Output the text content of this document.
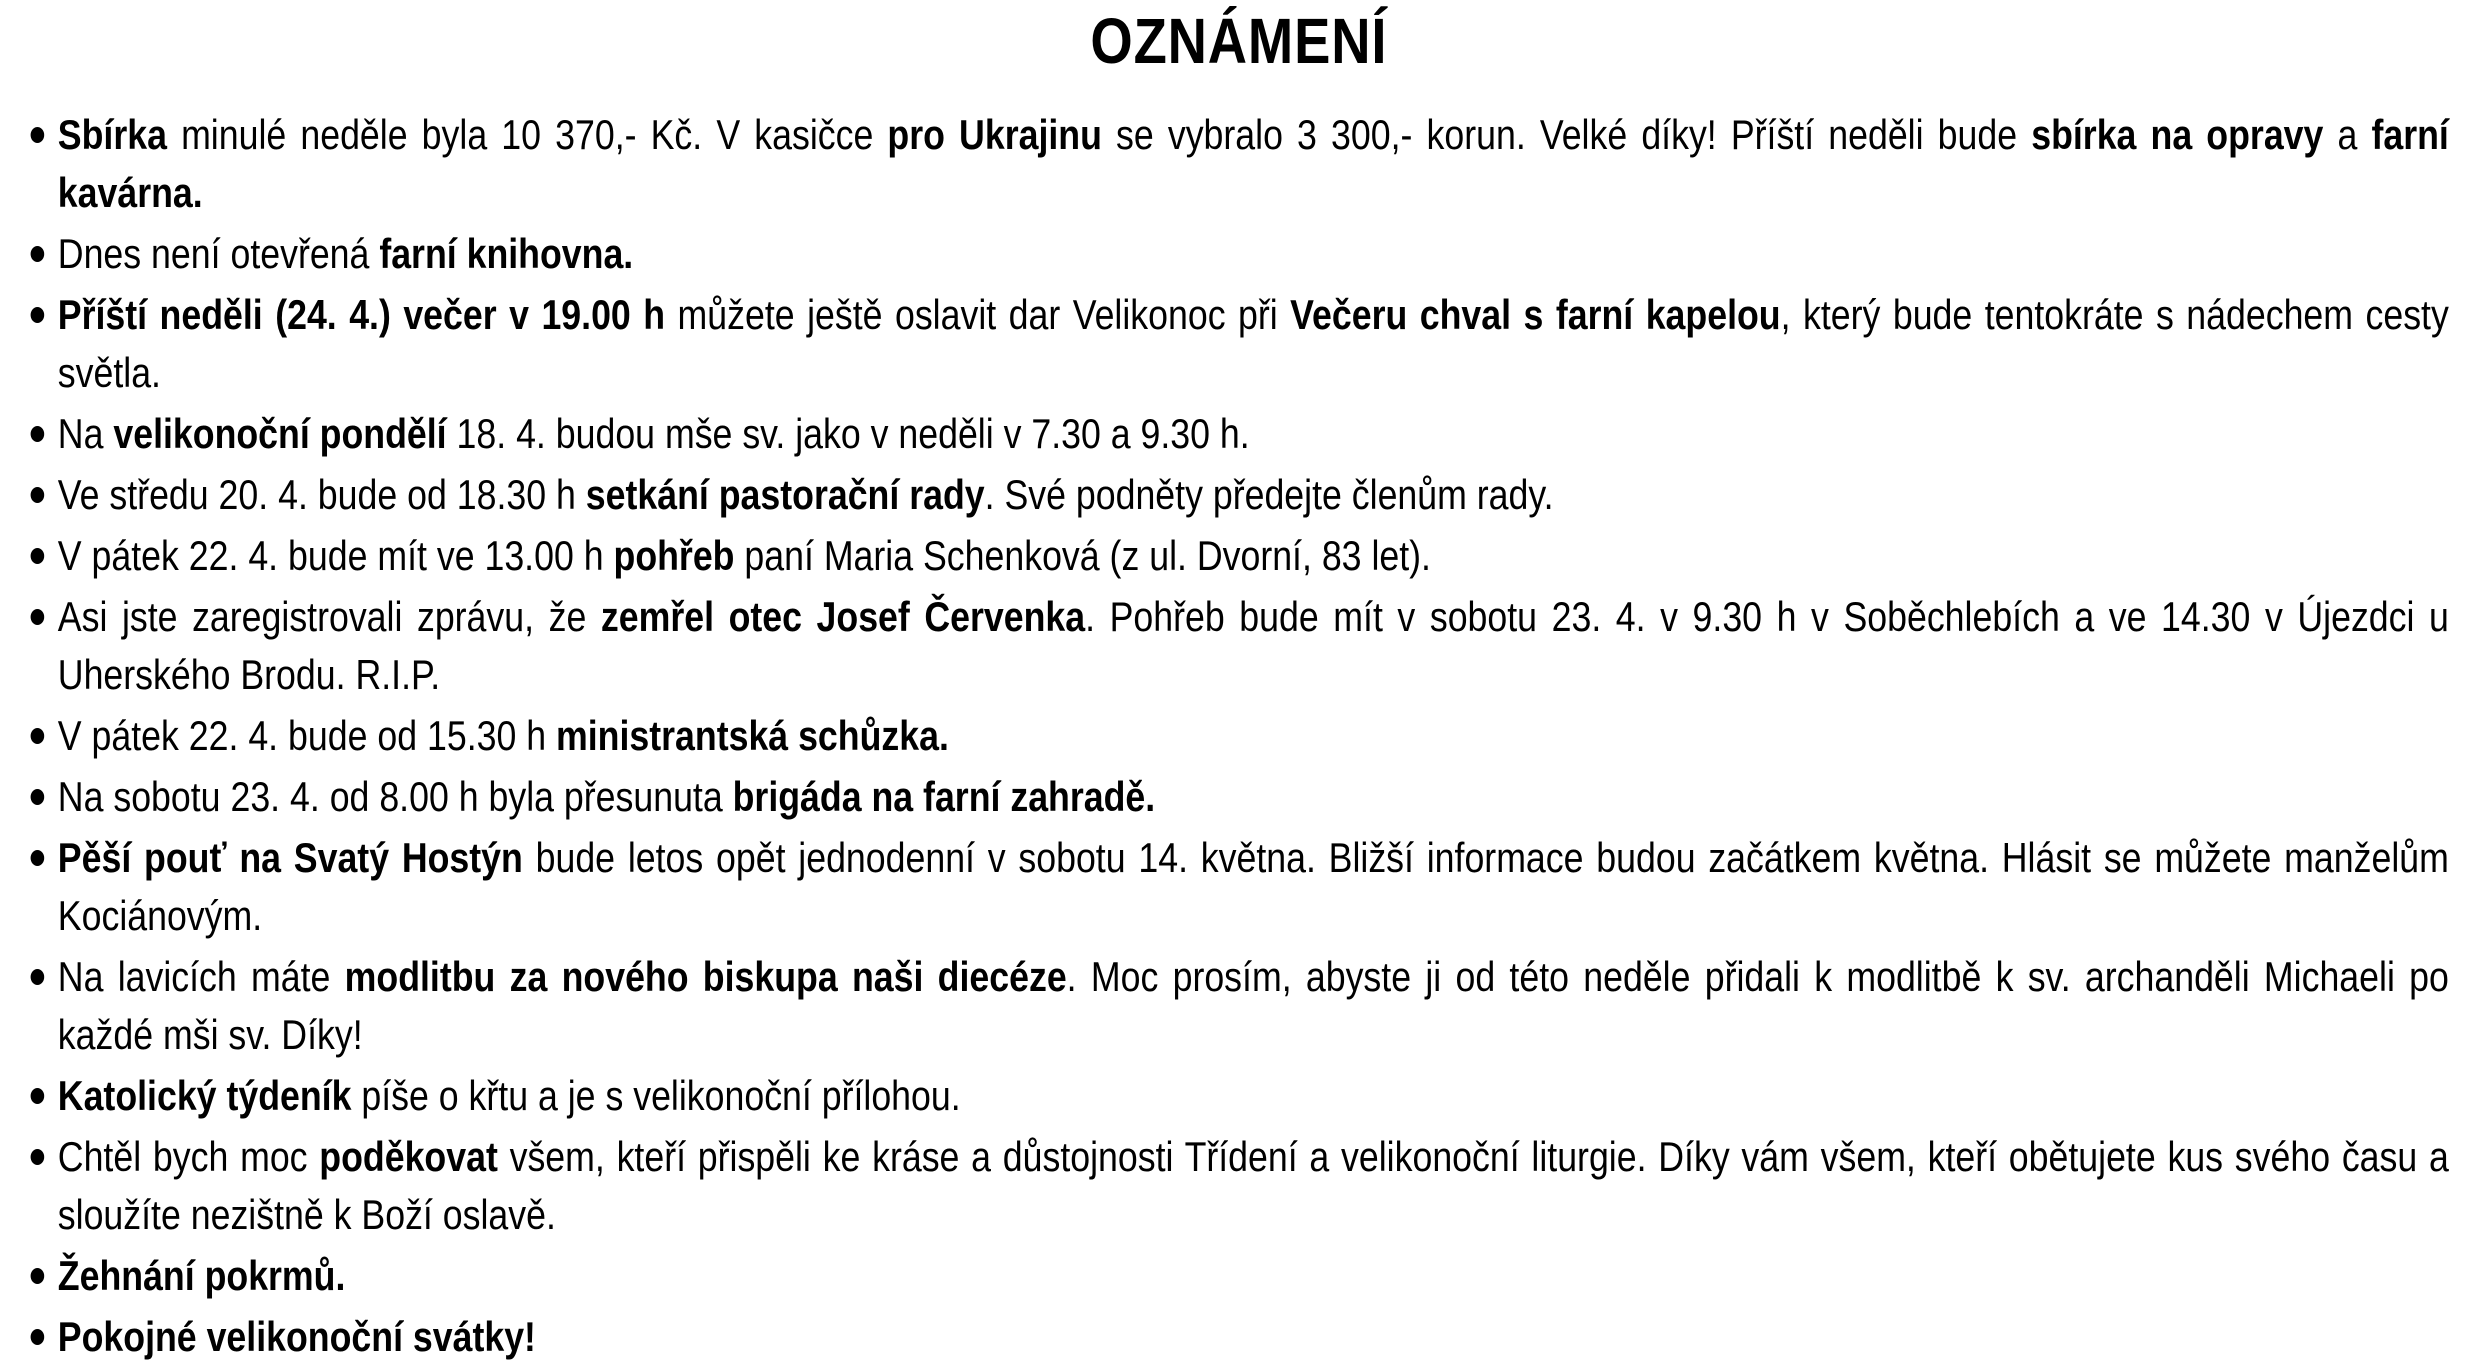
OZNÁMENÍ
Sbírka minulé neděle byla 10 370,- Kč. V kasičce pro Ukrajinu se vybralo 3 300,- korun. Velké díky! Příští neděli bude sbírka na opravy a farní kavárna.
Dnes není otevřená farní knihovna.
Příští neděli (24. 4.) večer v 19.00 h můžete ještě oslavit dar Velikonoc při Večeru chval s farní kapelou, který bude tentokráte s nádechem cesty světla.
Na velikonoční pondělí 18. 4. budou mše sv. jako v neděli v 7.30 a 9.30 h.
Ve středu 20. 4. bude od 18.30 h setkání pastorační rady. Své podněty předejte členům rady.
V pátek 22. 4. bude mít ve 13.00 h pohřeb paní Maria Schenková (z ul. Dvorní, 83 let).
Asi jste zaregistrovali zprávu, že zemřel otec Josef Červenka. Pohřeb bude mít v sobotu 23. 4. v 9.30 h v Soběchlebích a ve 14.30 v Újezdci u Uherského Brodu. R.I.P.
V pátek 22. 4. bude od 15.30 h ministrantská schůzka.
Na sobotu 23. 4. od 8.00 h byla přesunuta brigáda na farní zahradě.
Pěší pouť na Svatý Hostýn bude letos opět jednodenní v sobotu 14. května. Bližší informace budou začátkem května. Hlásit se můžete manželům Kociánovým.
Na lavicích máte modlitbu za nového biskupa naši diecéze. Moc prosím, abyste ji od této neděle přidali k modlitbě k sv. archanděli Michaeli po každé mši sv. Díky!
Katolický týdeník píše o křtu a je s velikonoční přílohou.
Chtěl bych moc poděkovat všem, kteří přispěli ke kráse a důstojnosti Třídení a velikonoční liturgie. Díky vám všem, kteří obětujete kus svého času a sloužíte nezištně k Boží oslavě.
Žehnání pokrmů.
Pokojné velikonoční svátky!
